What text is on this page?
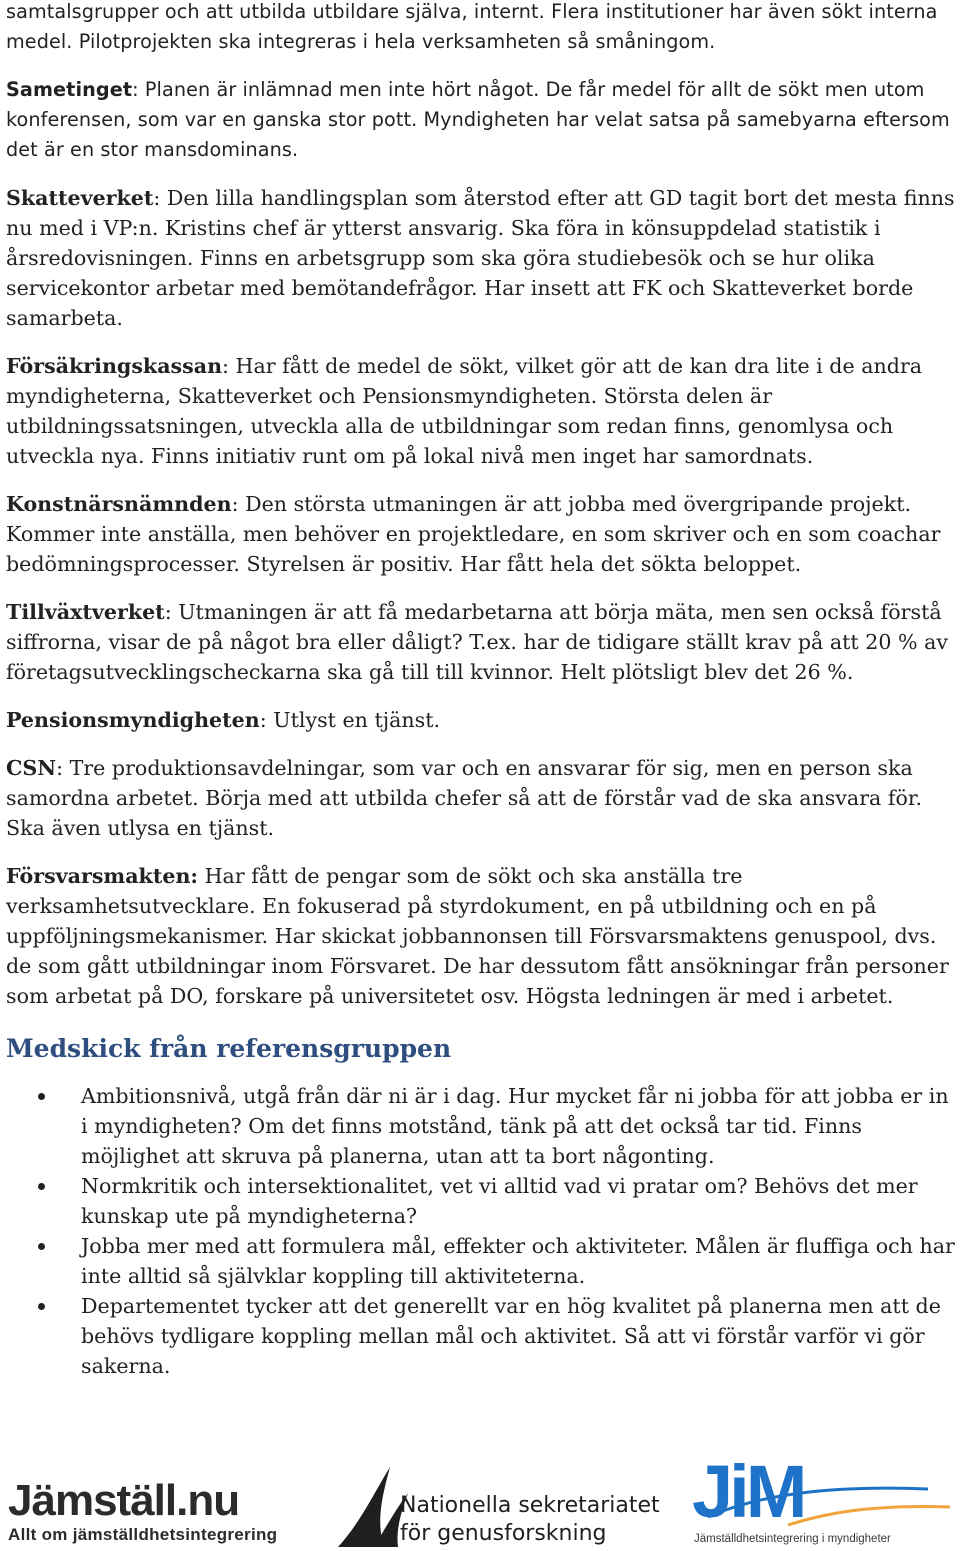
samtalsgrupper och att utbilda utbildare själva, internt. Flera institutioner har även sökt interna medel. Pilotprojekten ska integreras i hela verksamheten så småningom.

Sametinget: Planen är inlämnad men inte hört något. De får medel för allt de sökt men utom konferensen, som var en ganska stor pott. Myndigheten har velat satsa på samebyarna eftersom det är en stor mansdominans.

Skatteverket: Den lilla handlingsplan som återstod efter att GD tagit bort det mesta finns nu med i VP:n. Kristins chef är ytterst ansvarig. Ska föra in könsuppdelad statistik i årsredovisningen. Finns en arbetsgrupp som ska göra studiebesök och se hur olika servicekontor arbetar med bemötandefrågor. Har insett att FK och Skatteverket borde samarbeta.

Försäkringskassan: Har fått de medel de sökt, vilket gör att de kan dra lite i de andra myndigheterna, Skatteverket och Pensionsmyndigheten. Största delen är utbildningssatsningen, utveckla alla de utbildningar som redan finns, genomlysa och utveckla nya. Finns initiativ runt om på lokal nivå men inget har samordnats.

Konstnärsnämnden: Den största utmaningen är att jobba med övergripande projekt. Kommer inte anställa, men behöver en projektledare, en som skriver och en som coachar bedömningsprocesser. Styrelsen är positiv. Har fått hela det sökta beloppet.

Tillväxtverket: Utmaningen är att få medarbetarna att börja mäta, men sen också förstå siffrorna, visar de på något bra eller dåligt? T.ex. har de tidigare ställt krav på att 20 % av företagsutvecklingscheckarna ska gå till till kvinnor. Helt plötsligt blev det 26 %.

Pensionsmyndigheten: Utlyst en tjänst.

CSN: Tre produktionsavdelningar, som var och en ansvarar för sig, men en person ska samordna arbetet. Börja med att utbilda chefer så att de förstår vad de ska ansvara för. Ska även utlysa en tjänst.

Försvarsmakten: Har fått de pengar som de sökt och ska anställa tre verksamhetsutvecklare. En fokuserad på styrdokument, en på utbildning och en på uppföljningsmekanismer. Har skickat jobbannonsen till Försvarsmaktens genuspool, dvs. de som gått utbildningar inom Försvaret. De har dessutom fått ansökningar från personer som arbetat på DO, forskare på universitetet osv. Högsta ledningen är med i arbetet.

Medskick från referensgruppen
Ambitionsnivå, utgå från där ni är i dag. Hur mycket får ni jobba för att jobba er in i myndigheten? Om det finns motstånd, tänk på att det också tar tid. Finns möjlighet att skruva på planerna, utan att ta bort någonting.
Normkritik och intersektionalitet, vet vi alltid vad vi pratar om? Behövs det mer kunskap ute på myndigheterna?
Jobba mer med att formulera mål, effekter och aktiviteter. Målen är fluffiga och har inte alltid så självklar koppling till aktiviteterna.
Departementet tycker att det generellt var en hög kvalitet på planerna men att de behövs tydligare koppling mellan mål och aktivitet. Så att vi förstår varför vi gör sakerna.
Jämställ.nu
Allt om jämställdhetsintegrering
Nationella sekretariatet
för genusforskning
JiM
Jämställdhetsintegrering i myndigheter
